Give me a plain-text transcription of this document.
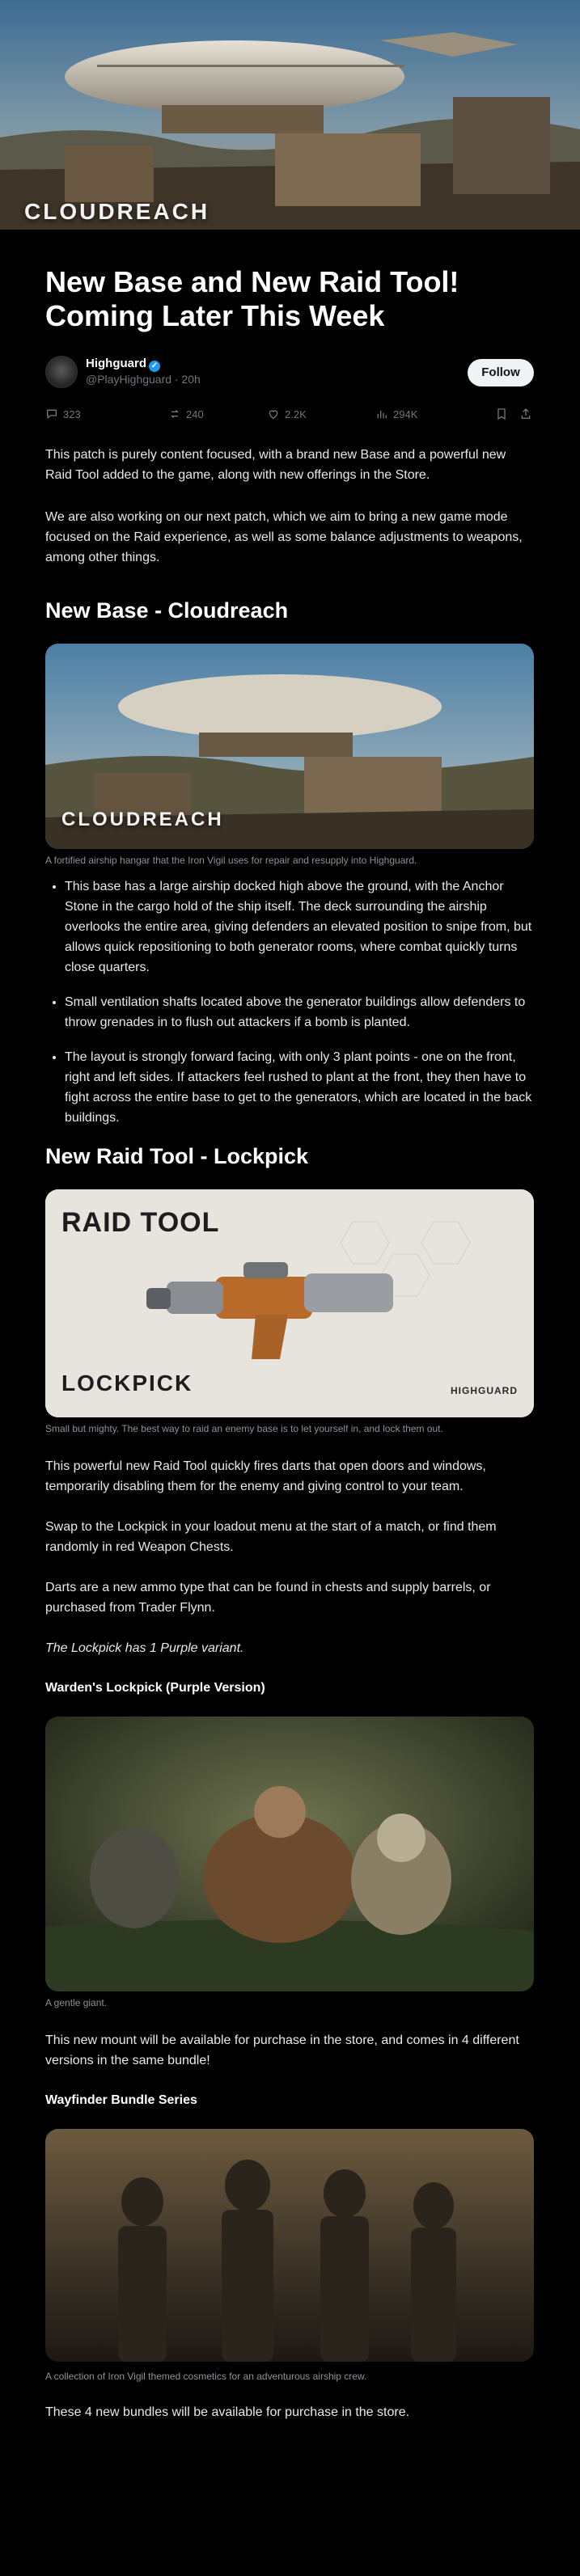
CLOUDREACH
New Base and New Raid Tool! Coming Later This Week
Highguard ✓
@PlayHighguard · 20h	Follow
323	240	2.2K	294K

This patch is purely content focused, with a brand new Base and a powerful new Raid Tool added to the game, along with new offerings in the Store.

We are also working on our next patch, which we aim to bring a new game mode focused on the Raid experience, as well as some balance adjustments to weapons, among other things.

New Base - Cloudreach
CLOUDREACH
A fortified airship hangar that the Iron Vigil uses for repair and resupply into Highguard.
• This base has a large airship docked high above the ground, with the Anchor Stone in the cargo hold of the ship itself. The deck surrounding the airship overlooks the entire area, giving defenders an elevated position to snipe from, but allows quick repositioning to both generator rooms, where combat quickly turns close quarters.
• Small ventilation shafts located above the generator buildings allow defenders to throw grenades in to flush out attackers if a bomb is planted.
• The layout is strongly forward facing, with only 3 plant points - one on the front, right and left sides. If attackers feel rushed to plant at the front, they then have to fight across the entire base to get to the generators, which are located in the back buildings.
New Raid Tool - Lockpick
RAID TOOL
LOCKPICK	HIGHGUARD
Small but mighty. The best way to raid an enemy base is to let yourself in, and lock them out.

This powerful new Raid Tool quickly fires darts that open doors and windows, temporarily disabling them for the enemy and giving control to your team.

Swap to the Lockpick in your loadout menu at the start of a match, or find them randomly in red Weapon Chests.

Darts are a new ammo type that can be found in chests and supply barrels, or purchased from Trader Flynn.

The Lockpick has 1 Purple variant.

Warden's Lockpick (Purple Version)
A gentle giant.

This new mount will be available for purchase in the store, and comes in 4 different versions in the same bundle!

Wayfinder Bundle Series
A collection of Iron Vigil themed cosmetics for an adventurous airship crew.

These 4 new bundles will be available for purchase in the store.
